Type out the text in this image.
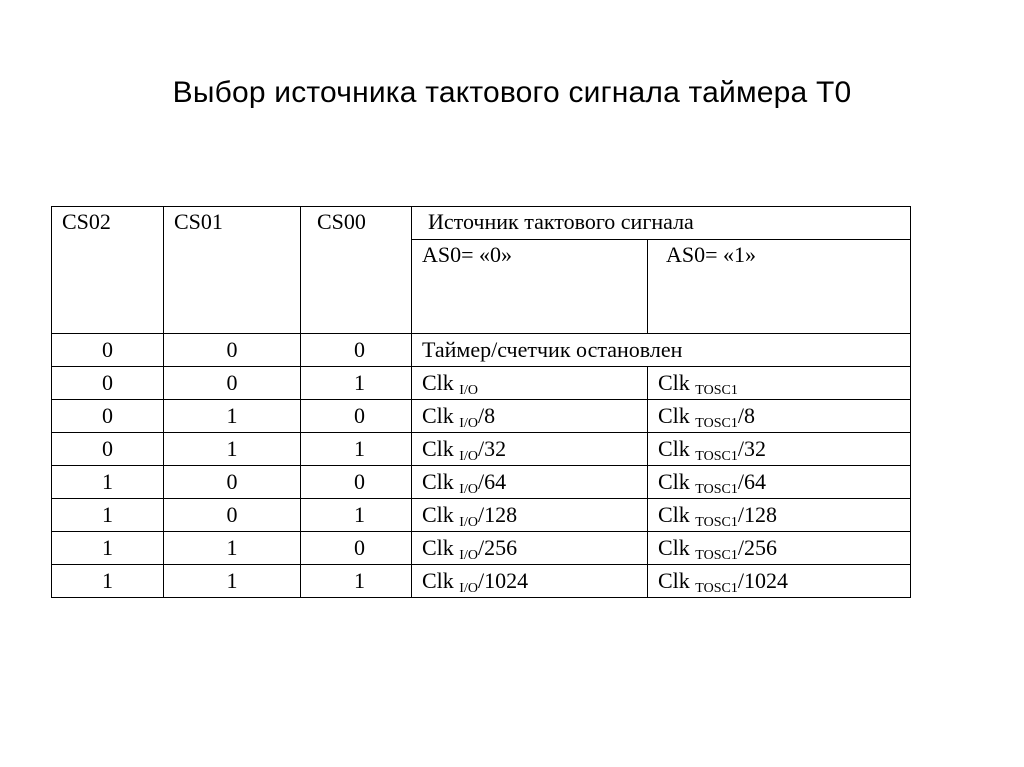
Выбор источника тактового сигнала таймера T0
CS02	CS01	CS00	Источник тактового сигнала	
			AS0= «0»	AS0= «1»
0	0	0	Таймер/счетчик остановлен	
0	0	1	Clk $_{I/O}$	Clk $_{TOSC1}$
0	1	0	Clk $_{I/O}$/8	Clk $_{TOSC1}$/8
0	1	1	Clk $_{I/O}$/32	Clk $_{TOSC1}$/32
1	0	0	Clk $_{I/O}$/64	Clk $_{TOSC1}$/64
1	0	1	Clk $_{I/O}$/128	Clk $_{TOSC1}$/128
1	1	0	Clk $_{I/O}$/256	Clk $_{TOSC1}$/256
1	1	1	Clk $_{I/O}$/1024	Clk $_{TOSC1}$/1024
